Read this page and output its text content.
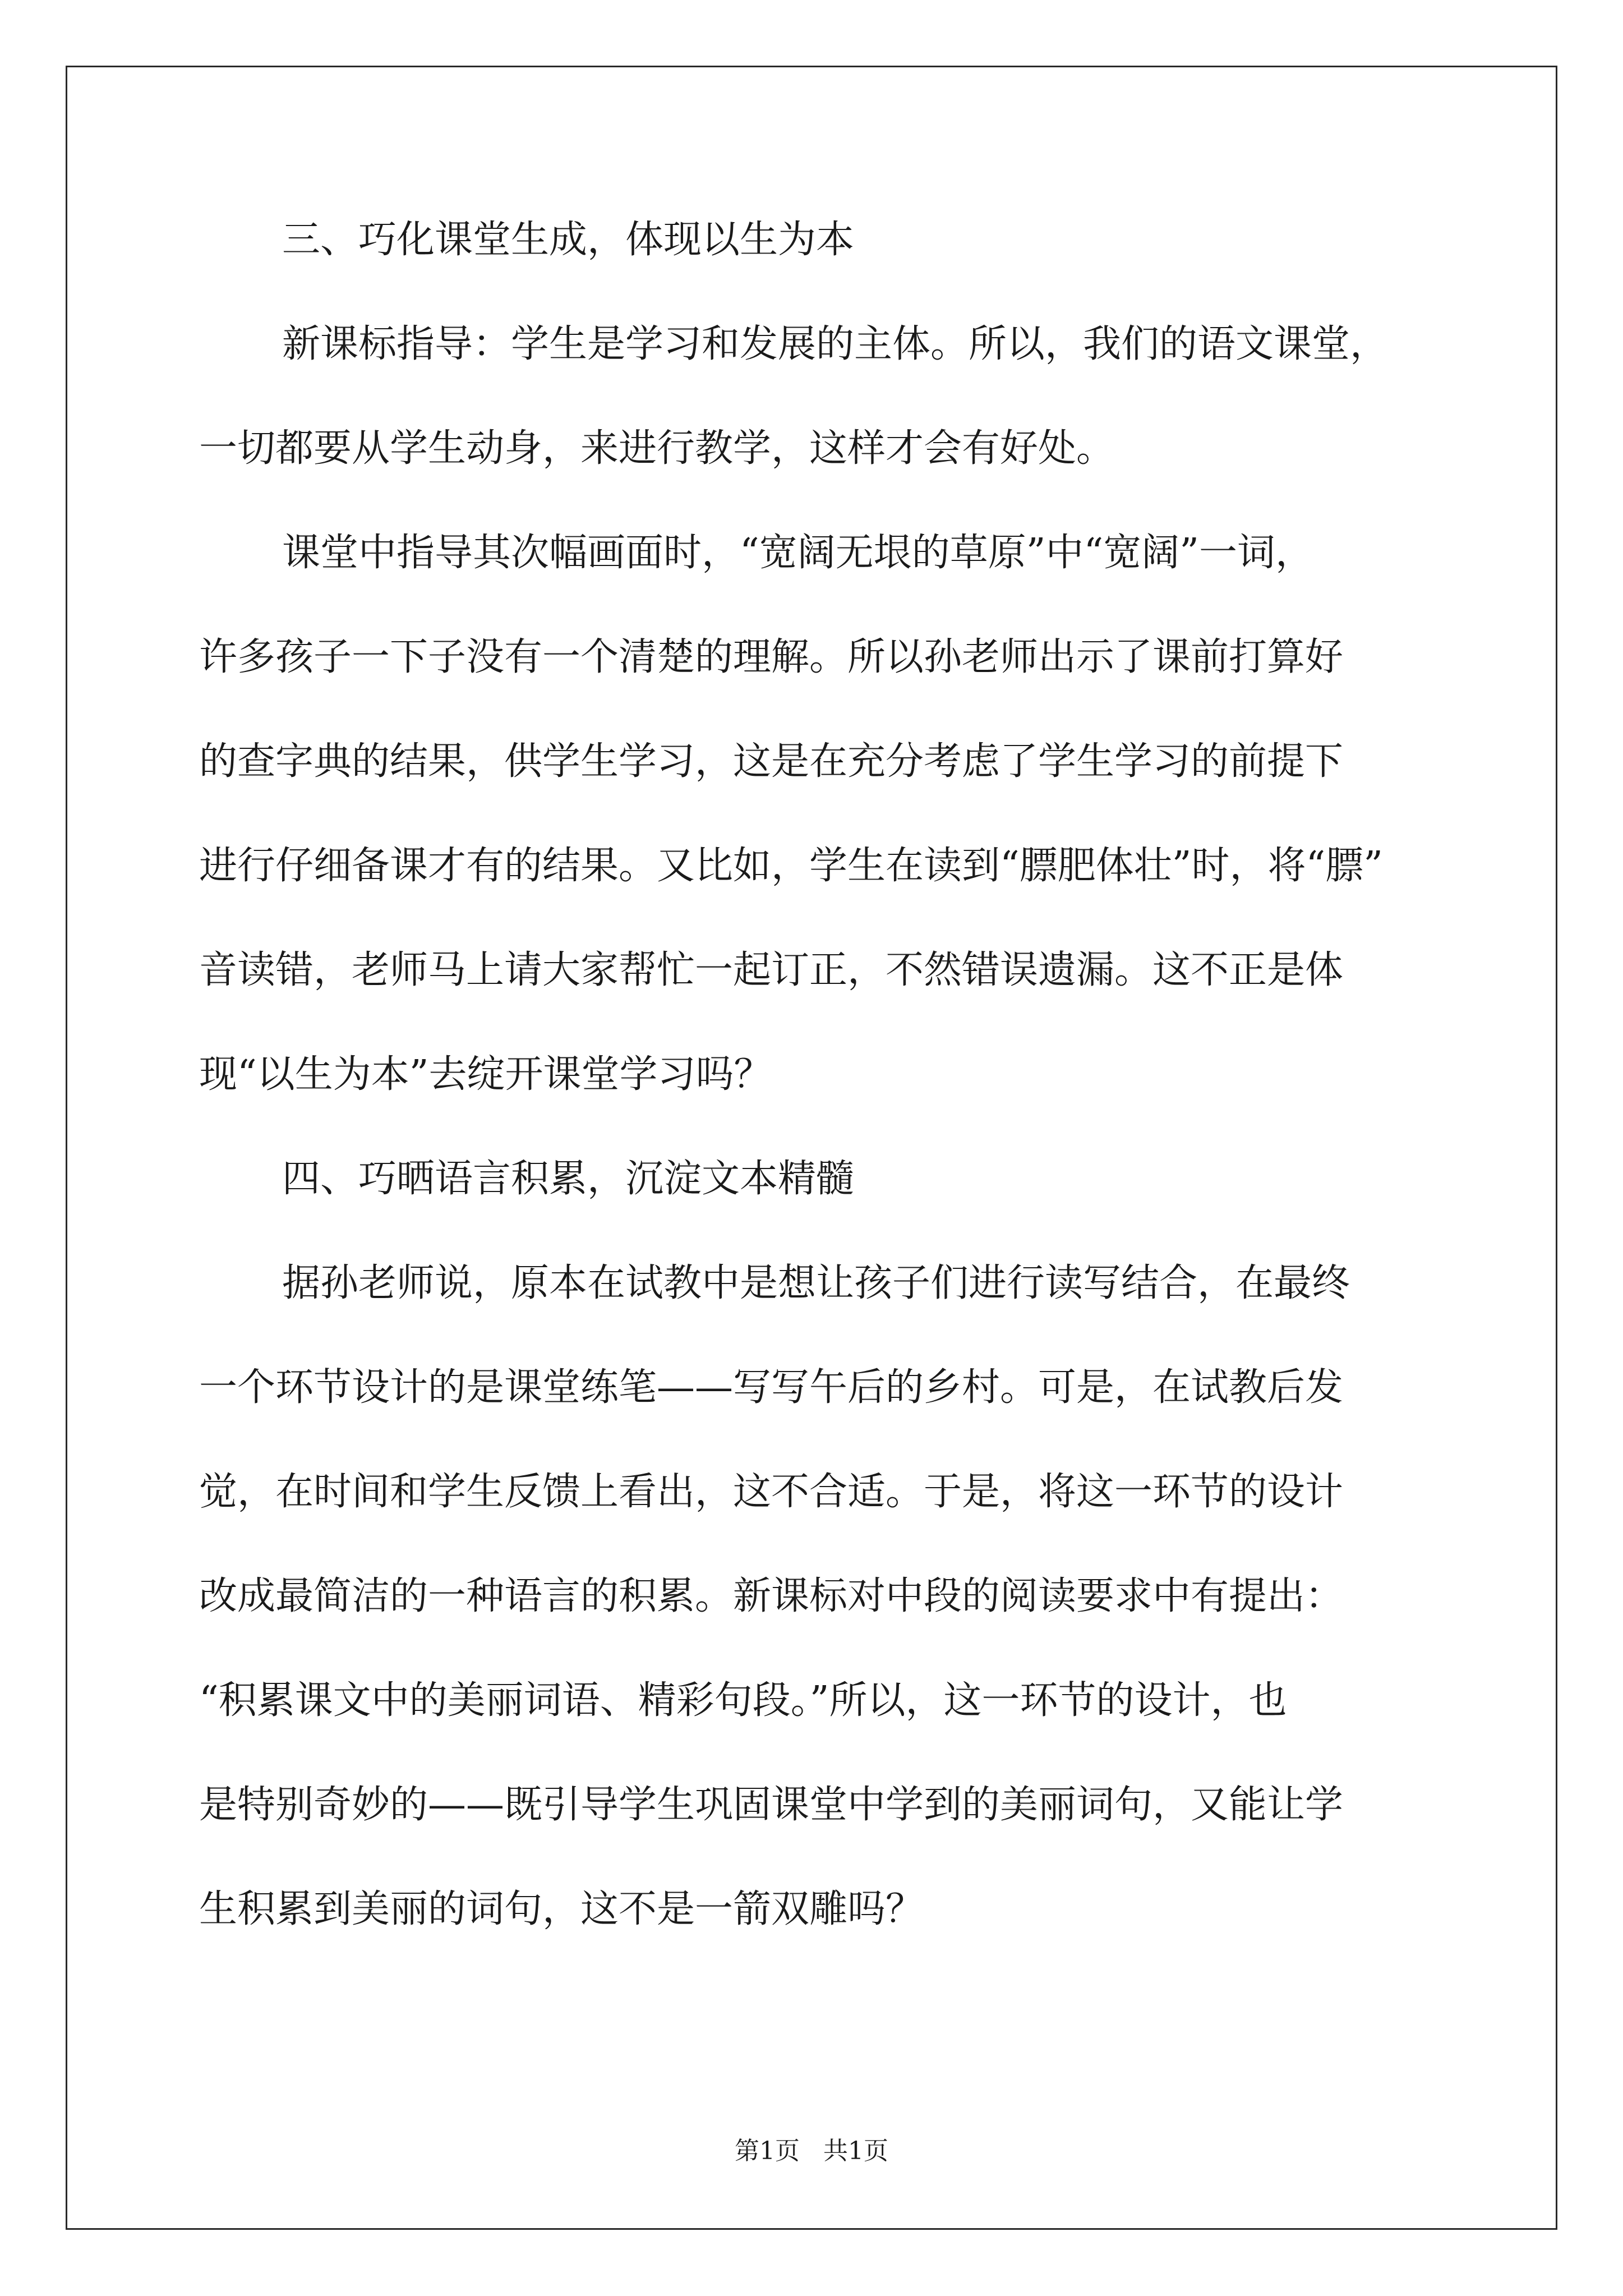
三、巧化课堂生成，体现以生为本

新课标指导：学生是学习和发展的主体。所以，我们的语文课堂，

一切都要从学生动身，来进行教学，这样才会有好处。

课堂中指导其次幅画面时，“宽阔无垠的草原”中“宽阔”一词，

许多孩子一下子没有一个清楚的理解。所以孙老师出示了课前打算好

的查字典的结果，供学生学习，这是在充分考虑了学生学习的前提下

进行仔细备课才有的结果。又比如，学生在读到“膘肥体壮”时，将“膘”

音读错，老师马上请大家帮忙一起订正，不然错误遗漏。这不正是体

现“以生为本”去绽开课堂学习吗？

四、巧晒语言积累，沉淀文本精髓

据孙老师说，原本在试教中是想让孩子们进行读写结合，在最终

一个环节设计的是课堂练笔——写写午后的乡村。可是，在试教后发

觉，在时间和学生反馈上看出，这不合适。于是，将这一环节的设计

改成最简洁的一种语言的积累。新课标对中段的阅读要求中有提出：

“积累课文中的美丽词语、精彩句段。”所以，这一环节的设计，也

是特别奇妙的——既引导学生巩固课堂中学到的美丽词句，又能让学

生积累到美丽的词句，这不是一箭双雕吗？

第1页   共1页
